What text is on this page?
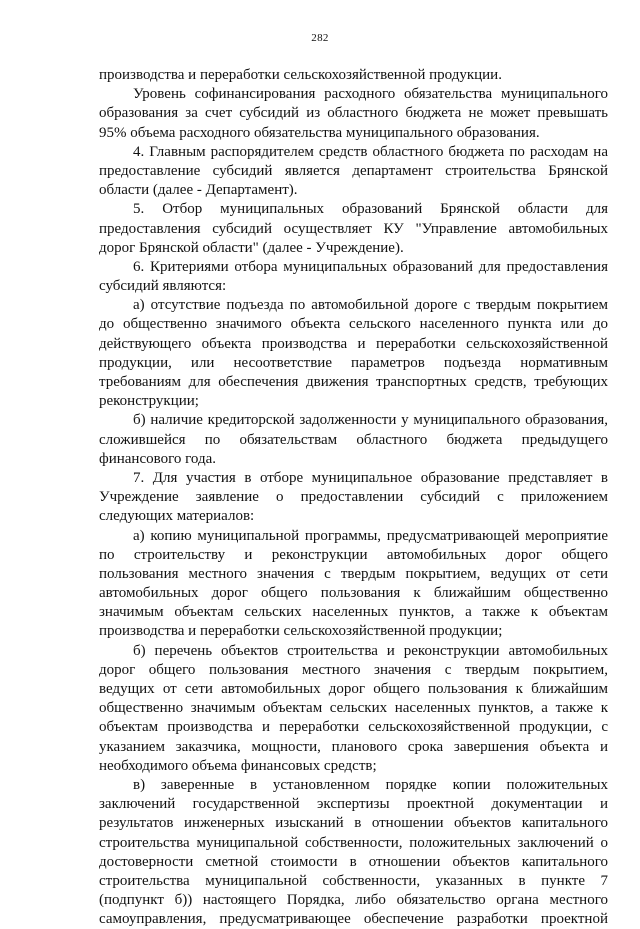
282
производства и переработки сельскохозяйственной продукции.
Уровень софинансирования расходного обязательства муниципального
образования за счет субсидий из областного бюджета не может превышать
95% объема расходного обязательства муниципального образования.
4. Главным распорядителем средств областного бюджета по расходам на
предоставление субсидий является департамент строительства Брянской
области (далее - Департамент).
5. Отбор муниципальных образований Брянской области для
предоставления субсидий осуществляет КУ "Управление автомобильных
дорог Брянской области" (далее - Учреждение).
6. Критериями отбора муниципальных образований для предоставления
субсидий являются:
а) отсутствие подъезда по автомобильной дороге с твердым покрытием
до общественно значимого объекта сельского населенного пункта или до
действующего объекта производства и переработки сельскохозяйственной
продукции, или несоответствие параметров подъезда нормативным
требованиям для обеспечения движения транспортных средств, требующих
реконструкции;
б) наличие кредиторской задолженности у муниципального образования,
сложившейся по обязательствам областного бюджета предыдущего
финансового года.
7. Для участия в отборе муниципальное образование представляет в
Учреждение заявление о предоставлении субсидий с приложением
следующих материалов:
а) копию муниципальной программы, предусматривающей мероприятие
по строительству и реконструкции автомобильных дорог общего
пользования местного значения с твердым покрытием, ведущих от сети
автомобильных дорог общего пользования к ближайшим общественно
значимым объектам сельских населенных пунктов, а также к объектам
производства и переработки сельскохозяйственной продукции;
б) перечень объектов строительства и реконструкции автомобильных
дорог общего пользования местного значения с твердым покрытием,
ведущих от сети автомобильных дорог общего пользования к ближайшим
общественно значимым объектам сельских населенных пунктов, а также к
объектам производства и переработки сельскохозяйственной продукции, с
указанием заказчика, мощности, планового срока завершения объекта и
необходимого объема финансовых средств;
в) заверенные в установленном порядке копии положительных
заключений государственной экспертизы проектной документации и
результатов инженерных изысканий в отношении объектов капитального
строительства муниципальной собственности, положительных заключений о
достоверности сметной стоимости в отношении объектов капитального
строительства муниципальной собственности, указанных в пункте 7
(подпункт б)) настоящего Порядка, либо обязательство органа местного
самоуправления, предусматривающее обеспечение разработки проектной
